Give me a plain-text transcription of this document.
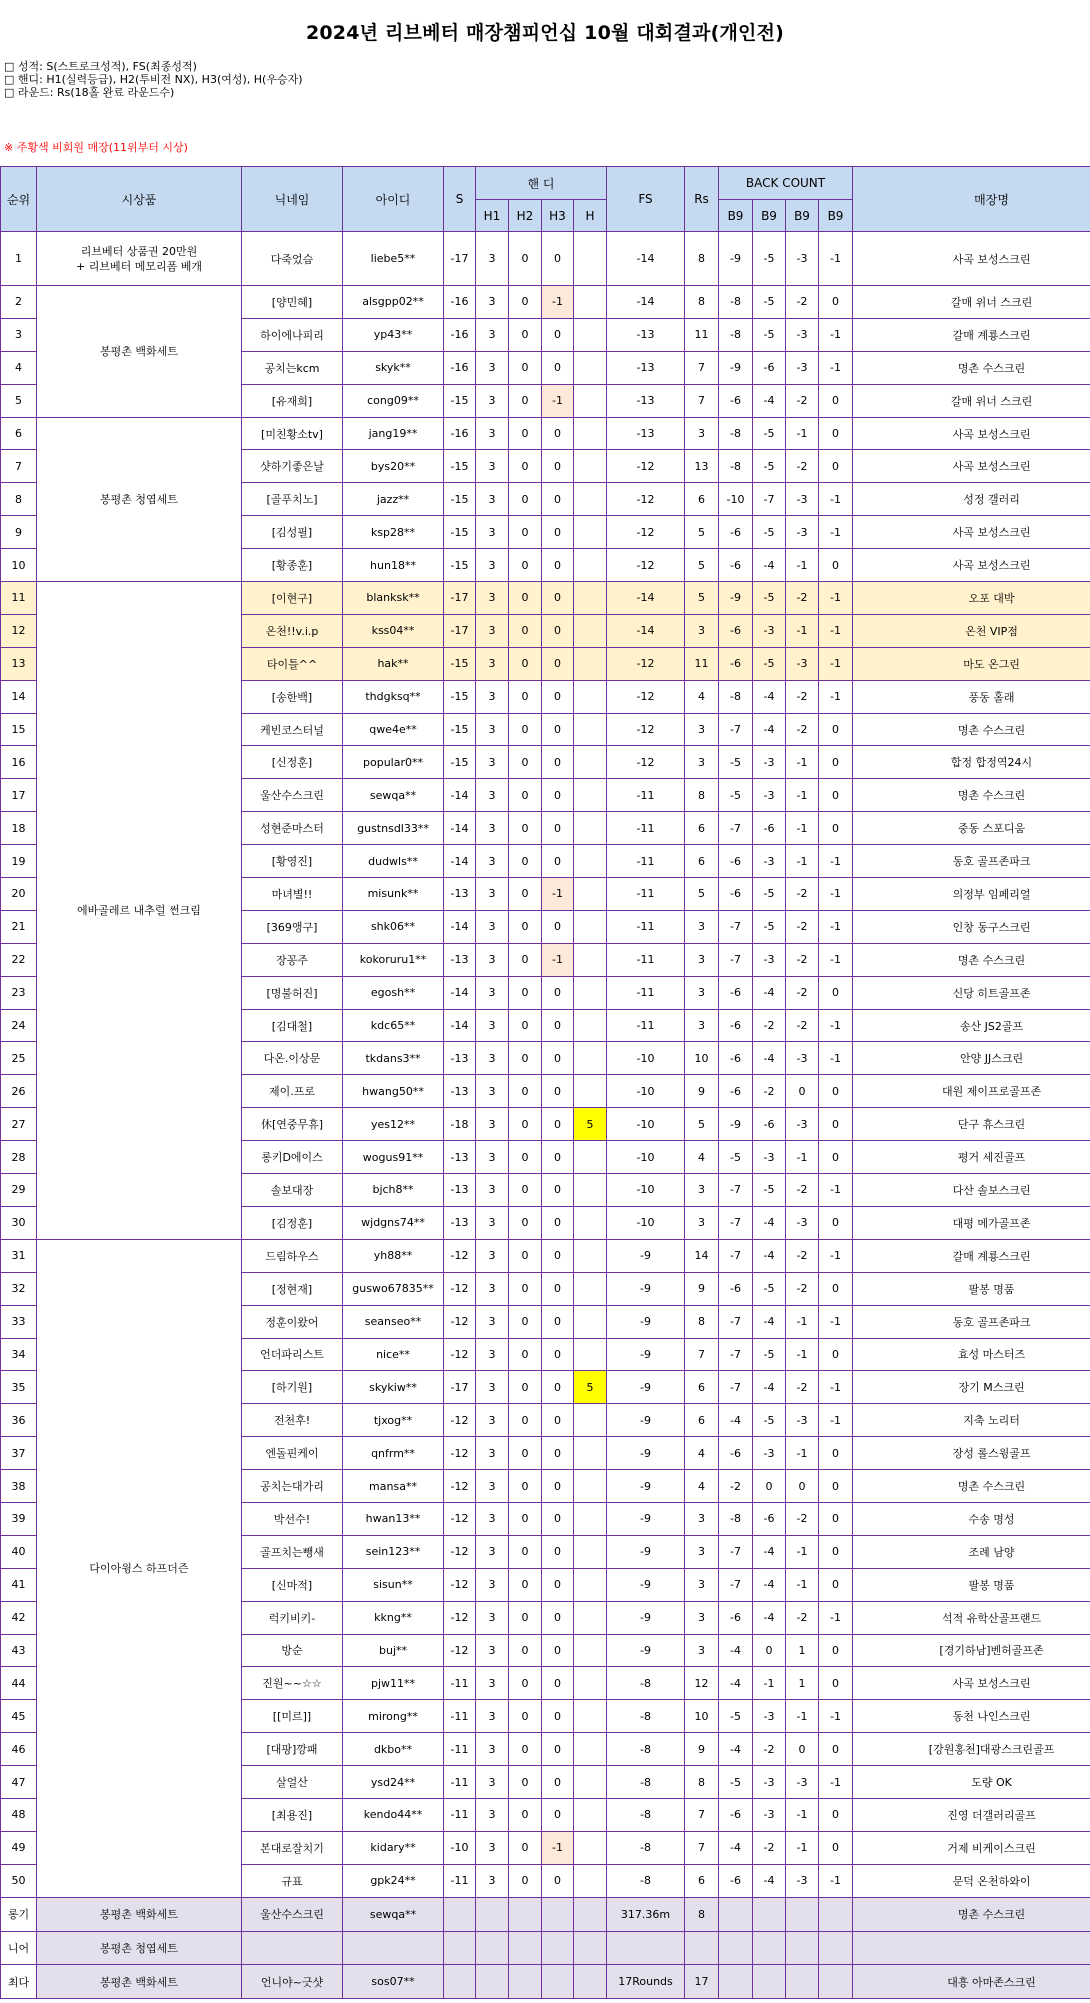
2024년 리브베터 매장챔피언십 10월 대회결과(개인전)
□ 성적: S(스트로크성적), FS(최종성적)
□ 핸디: H1(실력등급), H2(투비전 NX), H3(여성), H(우승자)
□ 라운드: Rs(18홀 완료 라운드수)
※ 주황색 비회원 매장(11위부터 시상)
순위	시상품	닉네임	아이디	S	핸 디				FS	Rs	BACK COUNT				매장명
					H1	H2	H3	H			B9	B9	B9	B9	
1	리브베터 상품권 20만원
+ 리브베터 메모리폼 베개	다죽었슴	liebe5**	-17	3	0	0		-14	8	-9	-5	-3	-1	사곡 보성스크린
2	봉평촌 백화세트	[양민혜]	alsgpp02**	-16	3	0	-1		-14	8	-8	-5	-2	0	갈매 위너 스크린
3		하이에나피리	yp43**	-16	3	0	0		-13	11	-8	-5	-3	-1	갈매 계룡스크린
4		공치는kcm	skyk**	-16	3	0	0		-13	7	-9	-6	-3	-1	명촌 수스크린
5		[유재희]	cong09**	-15	3	0	-1		-13	7	-6	-4	-2	0	갈매 위너 스크린
6	봉평촌 청엽세트	[미친황소tv]	jang19**	-16	3	0	0		-13	3	-8	-5	-1	0	사곡 보성스크린
7		샷하기좋은날	bys20**	-15	3	0	0		-12	13	-8	-5	-2	0	사곡 보성스크린
8		[골푸치노]	jazz**	-15	3	0	0		-12	6	-10	-7	-3	-1	성정 갤러리
9		[김성필]	ksp28**	-15	3	0	0		-12	5	-6	-5	-3	-1	사곡 보성스크린
10		[황종훈]	hun18**	-15	3	0	0		-12	5	-6	-4	-1	0	사곡 보성스크린
11	에바골레르 내추럴 썬크림	[이현구]	blanksk**	-17	3	0	0		-14	5	-9	-5	-2	-1	오포 대박
12		온천!!v.i.p	kss04**	-17	3	0	0		-14	3	-6	-3	-1	-1	온천 VIP점
13		타이틀^^	hak**	-15	3	0	0		-12	11	-6	-5	-3	-1	마도 온그린
14		[송한백]	thdgksq**	-15	3	0	0		-12	4	-8	-4	-2	-1	풍동 홀래
15		케빈코스터널	qwe4e**	-15	3	0	0		-12	3	-7	-4	-2	0	명촌 수스크린
16		[신정훈]	popular0**	-15	3	0	0		-12	3	-5	-3	-1	0	합정 합정역24시
17		울산수스크린	sewqa**	-14	3	0	0		-11	8	-5	-3	-1	0	명촌 수스크린
18		성현준마스터	gustnsdl33**	-14	3	0	0		-11	6	-7	-6	-1	0	중동 스포디움
19		[황영진]	dudwls**	-14	3	0	0		-11	6	-6	-3	-1	-1	동호 골프존파크
20		마녀별!!	misunk**	-13	3	0	-1		-11	5	-6	-5	-2	-1	의정부 임페리얼
21		[369앵구]	shk06**	-14	3	0	0		-11	3	-7	-5	-2	-1	인창 동구스크린
22		장꽁주	kokoruru1**	-13	3	0	-1		-11	3	-7	-3	-2	-1	명촌 수스크린
23		[명불허진]	egosh**	-14	3	0	0		-11	3	-6	-4	-2	0	신당 히트골프존
24		[김대철]	kdc65**	-14	3	0	0		-11	3	-6	-2	-2	-1	송산 JS2골프
25		다온.이상문	tkdans3**	-13	3	0	0		-10	10	-6	-4	-3	-1	안양 JJ스크린
26		제이.프로	hwang50**	-13	3	0	0		-10	9	-6	-2	0	0	대원 제이프로골프존
27		休[연중무휴]	yes12**	-18	3	0	0	5	-10	5	-9	-6	-3	0	단구 휴스크린
28		롱키D에이스	wogus91**	-13	3	0	0		-10	4	-5	-3	-1	0	평거 세진골프
29		솔보대장	bjch8**	-13	3	0	0		-10	3	-7	-5	-2	-1	다산 솔보스크린
30		[김정훈]	wjdgns74**	-13	3	0	0		-10	3	-7	-4	-3	0	대평 메가골프존
31	다이아윙스 하프더즌	드림하우스	yh88**	-12	3	0	0		-9	14	-7	-4	-2	-1	갈매 계룡스크린
32		[정현재]	guswo67835**	-12	3	0	0		-9	9	-6	-5	-2	0	팔봉 명품
33		정훈이왔어	seanseo**	-12	3	0	0		-9	8	-7	-4	-1	-1	동호 골프존파크
34		언더파리스트	nice**	-12	3	0	0		-9	7	-7	-5	-1	0	효성 마스터즈
35		[하기원]	skykiw**	-17	3	0	0	5	-9	6	-7	-4	-2	-1	장기 M스크린
36		전천후!	tjxog**	-12	3	0	0		-9	6	-4	-5	-3	-1	지축 노리터
37		엔돌핀케이	qnfrm**	-12	3	0	0		-9	4	-6	-3	-1	0	장성 롤스윙골프
38		공치는대가리	mansa**	-12	3	0	0		-9	4	-2	0	0	0	명촌 수스크린
39		박선수!	hwan13**	-12	3	0	0		-9	3	-8	-6	-2	0	수송 명성
40		골프치는뺑새	sein123**	-12	3	0	0		-9	3	-7	-4	-1	0	조례 남양
41		[신마적]	sisun**	-12	3	0	0		-9	3	-7	-4	-1	0	팔봉 명품
42		럭키비키-	kkng**	-12	3	0	0		-9	3	-6	-4	-2	-1	석적 유학산골프랜드
43		방순	buj**	-12	3	0	0		-9	3	-4	0	1	0	[경기하남]벤허골프존
44		진원~~☆☆	pjw11**	-11	3	0	0		-8	12	-4	-1	1	0	사곡 보성스크린
45		[[미르]]	mirong**	-11	3	0	0		-8	10	-5	-3	-1	-1	동천 나인스크린
46		[대팡]깡패	dkbo**	-11	3	0	0		-8	9	-4	-2	0	0	[강원홍천]대광스크린골프
47		살얼산	ysd24**	-11	3	0	0		-8	8	-5	-3	-3	-1	도량 OK
48		[최용진]	kendo44**	-11	3	0	0		-8	7	-6	-3	-1	0	진영 더갤러리골프
49		본대로잘치기	kidary**	-10	3	0	-1		-8	7	-4	-2	-1	0	거제 비케이스크린
50		규표	gpk24**	-11	3	0	0		-8	6	-6	-4	-3	-1	문덕 온천하와이
롱기	봉평촌 백화세트	울산수스크린	sewqa**						317.36m	8					명촌 수스크린
니어	봉평촌 청엽세트														
최다	봉평촌 백화세트	언니야~긋샷	sos07**						17Rounds	17					대흥 아마존스크린
